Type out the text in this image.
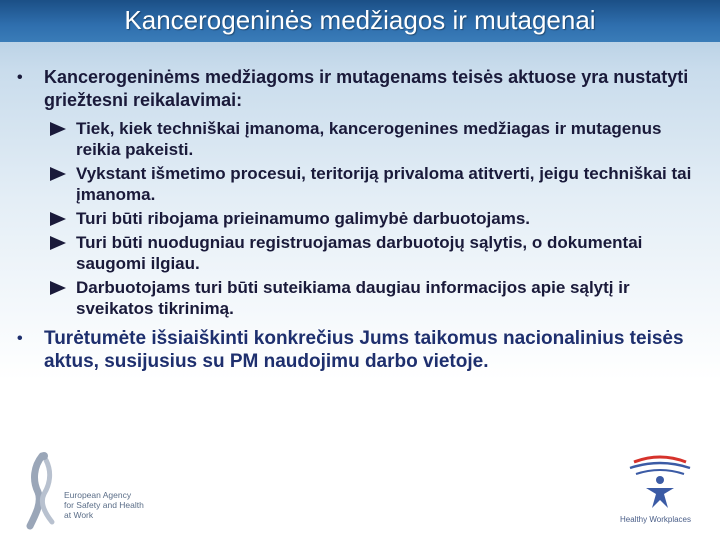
Kancerogeninės medžiagos ir mutagenai

• Kancerogeninėms medžiagoms ir mutagenams teisės aktuose yra nustatyti griežtesni reikalavimai:

Tiek, kiek techniškai įmanoma, kancerogenines medžiagas ir mutagenus reikia pakeisti.
Vykstant išmetimo procesui, teritoriją privaloma atitverti, jeigu techniškai tai įmanoma.
Turi būti ribojama prieinamumo galimybė darbuotojams.
Turi būti nuodugniau registruojamas darbuotojų sąlytis, o dokumentai saugomi ilgiau.
Darbuotojams turi būti suteikiama daugiau informacijos apie sąlytį ir sveikatos tikrinimą.

• Turėtumėte išsiaiškinti konkrečius Jums taikomus nacionalinius teisės aktus, susijusius su PM naudojimu darbo vietoje.

European Agency
for Safety and Health
at Work	Healthy Workplaces
